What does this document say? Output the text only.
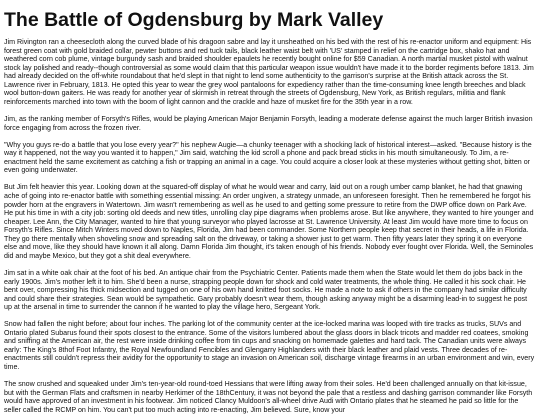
The Battle of Ogdensburg by Mark Valley

Jim Rivington ran a cheesecloth along the curved blade of his dragoon sabre and lay it unsheathed on his bed with the rest of his re-enactor uniform and equipment: His forest green coat with gold braided collar, pewter buttons and red tuck tails, black leather waist belt with 'US' stamped in relief on the cartridge box, shako hat and weathered corn cob plume, vintage burgundy sash and braided shoulder epaulets he recently bought online for $59 Canadian. A north martial musket pistol with walnut stock lay polished and ready--though controversial as some would claim that this particular weapon issue wouldn't have made it to the border regiments before 1813. Jim had already decided on the off-white roundabout that he'd slept in that night to lend some authenticity to the garrison's surprise at the British attack across the St. Lawrence river in February, 1813. He opted this year to wear the grey wool pantaloons for expediency rather than the time-consuming knee length breeches and black wool button-down gaiters. He was ready for another year of skirmish in retreat through the streets of Ogdensburg, New York, as British regulars, militia and flank reinforcements marched into town with the boom of light cannon and the crackle and haze of musket fire for the 35th year in a row.

Jim, as the ranking member of Forsyth's Rifles, would be playing American Major Benjamin Forsyth, leading a moderate defense against the much larger British invasion force engaging from across the frozen river.

"Why you guys re-do a battle that you lose every year?" his nephew Augie—a chunky teenager with a shocking lack of historical interest—asked. "Because history is the way it happened, not the way you wanted it to happen," Jim said, watching the kid scroll a phone and pack bread sticks in his mouth simultaneously. To Jim, a re-enactment held the same excitement as catching a fish or trapping an animal in a cage. You could acquire a closer look at these mysteries without getting shot, bitten or even going underwater.

But Jim felt heavier this year. Looking down at the squared-off display of what he would wear and carry, laid out on a rough umber camp blanket, he had that gnawing ache of going into re-enactor battle with something essential missing: An order ungiven, a strategy unmade, an unforeseen foresight. Then he remembered he forgot his powder horn at the engravers in Watertown. Jim wasn't remembering as well as he used to and getting some pressure to retire from the DWP office down on Park Ave. He put his time in with a city job: sorting old deeds and new titles, unrolling clay pipe diagrams when problems arose. But like anywhere, they wanted to hire younger and cheaper. Lee Ann, the City Manager, wanted to hire that young surveyor who played lacrosse at St. Lawrence University. At least Jim would have more time to focus on Forsyth's Rifles. Since Mitch Winters moved down to Naples, Florida, Jim had been commander. Some Northern people keep that secret in their heads, a life in Florida. They go there mentally when shoveling snow and spreading salt on the driveway, or taking a shower just to get warm. Then fifty years later they spring it on everyone else and move, like they should have known it all along. Damn Florida Jim thought, it's taken enough of his friends. Nobody ever fought over Florida. Well, the Seminoles did and maybe Mexico, but they got a shit deal everywhere.

Jim sat in a white oak chair at the foot of his bed. An antique chair from the Psychiatric Center. Patients made them when the State would let them do jobs back in the early 1900s. Jim's mother left it to him. She'd been a nurse, strapping people down for shock and cold water treatments, the whole thing. He called it his sock chair. He bent over, compressing his thick midsection and tugged on one of his own hand knitted foot socks. He made a note to ask if others in the company had similar difficulty and could share their strategies. Sean would be sympathetic. Gary probably doesn't wear them, though asking anyway might be a disarming lead-in to suggest he post up at the arsenal in time to surrender the cannon if he wanted to play the village hero, Sergeant York.

Snow had fallen the night before; about four inches. The parking lot of the community center at the ice-locked marina was looped with tire tracks as trucks, SUVs and Ontario plated Subarus found their spots closest to the entrance. Some of the visitors lumbered about the glass doors in black tricots and madder red coatees, smoking and sniffing at the American air, the rest were inside drinking coffee from tin cups and snacking on homemade galettes and hard tack. The Canadian units were always early: The King's 8thof Foot Infantry, the Royal Newfoundland Fencibles and Glengarry Highlanders with their black leather and plaid vests. Three decades of re-enactments still couldn't repress their avidity for the opportunity to stage an invasion on American soil, discharge vintage firearms in an urban environment and win, every time.

The snow crushed and squeaked under Jim's ten-year-old round-toed Hessians that were lifting away from their soles. He'd been challenged annually on that kit-issue, but with the German Flats and craftsmen in nearby Herkimer of the 18thCentury, it was not beyond the pale that a restless and dashing garrison commander like Forsyth would have approved of an investment in his footwear. Jim noticed Clancy Muldoon's all-wheel drive Audi with Ontario plates that he steamed he paid so little for the seller called the RCMP on him. You can't put too much acting into re-enacting, Jim believed. Sure, know your
